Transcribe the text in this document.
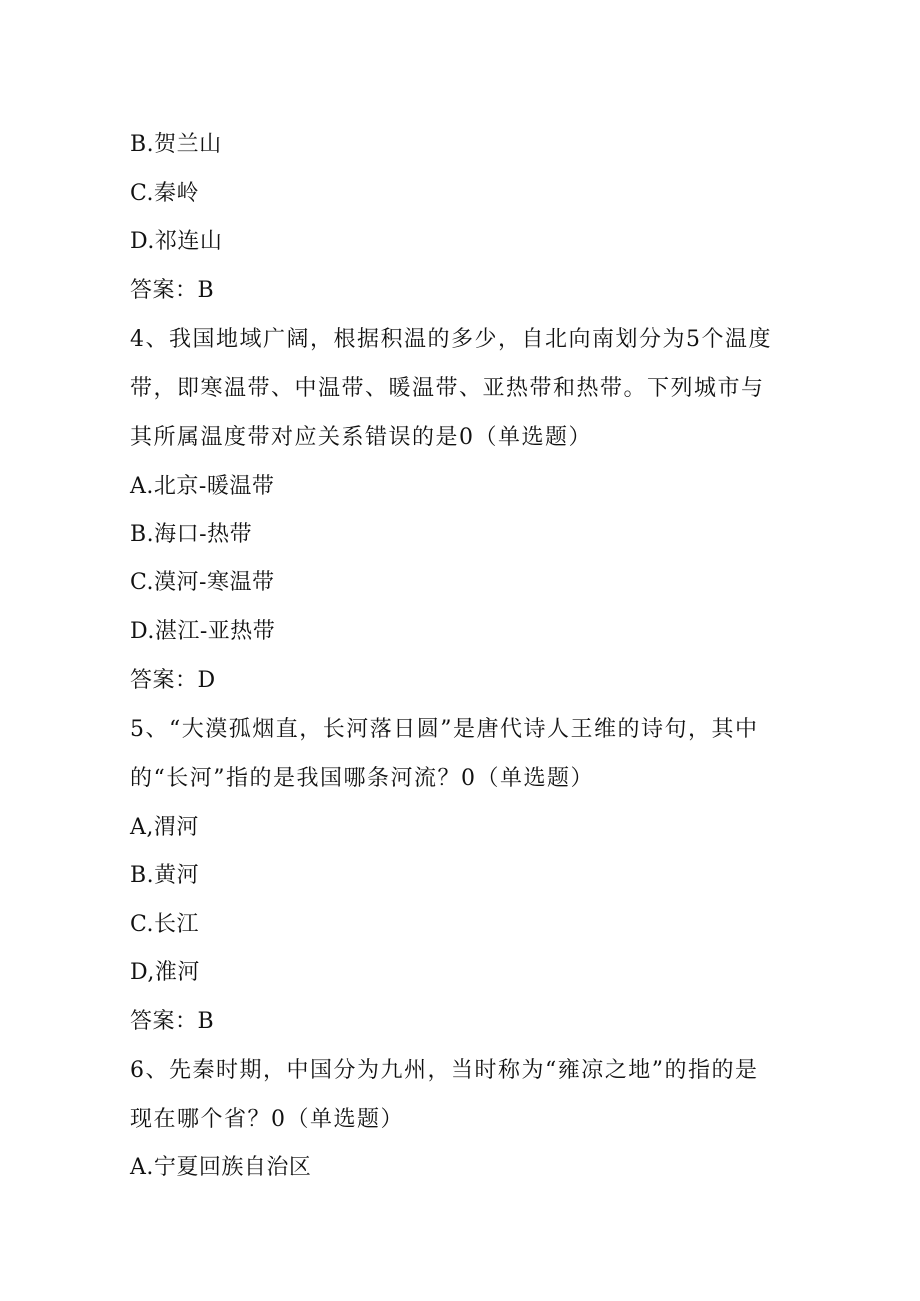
B.贺兰山
C.秦岭
D.祁连山
答案：B
4、我国地域广阔，根据积温的多少，自北向南划分为5个温度
带，即寒温带、中温带、暖温带、亚热带和热带。下列城市与
其所属温度带对应关系错误的是0（单选题）
A.北京-暖温带
B.海口-热带
C.漠河-寒温带
D.湛江-亚热带
答案：D
5、“大漠孤烟直，长河落日圆”是唐代诗人王维的诗句，其中
的“长河”指的是我国哪条河流？0（单选题）
A,渭河
B.黄河
C.长江
D,淮河
答案：B
6、先秦时期，中国分为九州，当时称为“雍凉之地”的指的是
现在哪个省？0（单选题）
A.宁夏回族自治区
